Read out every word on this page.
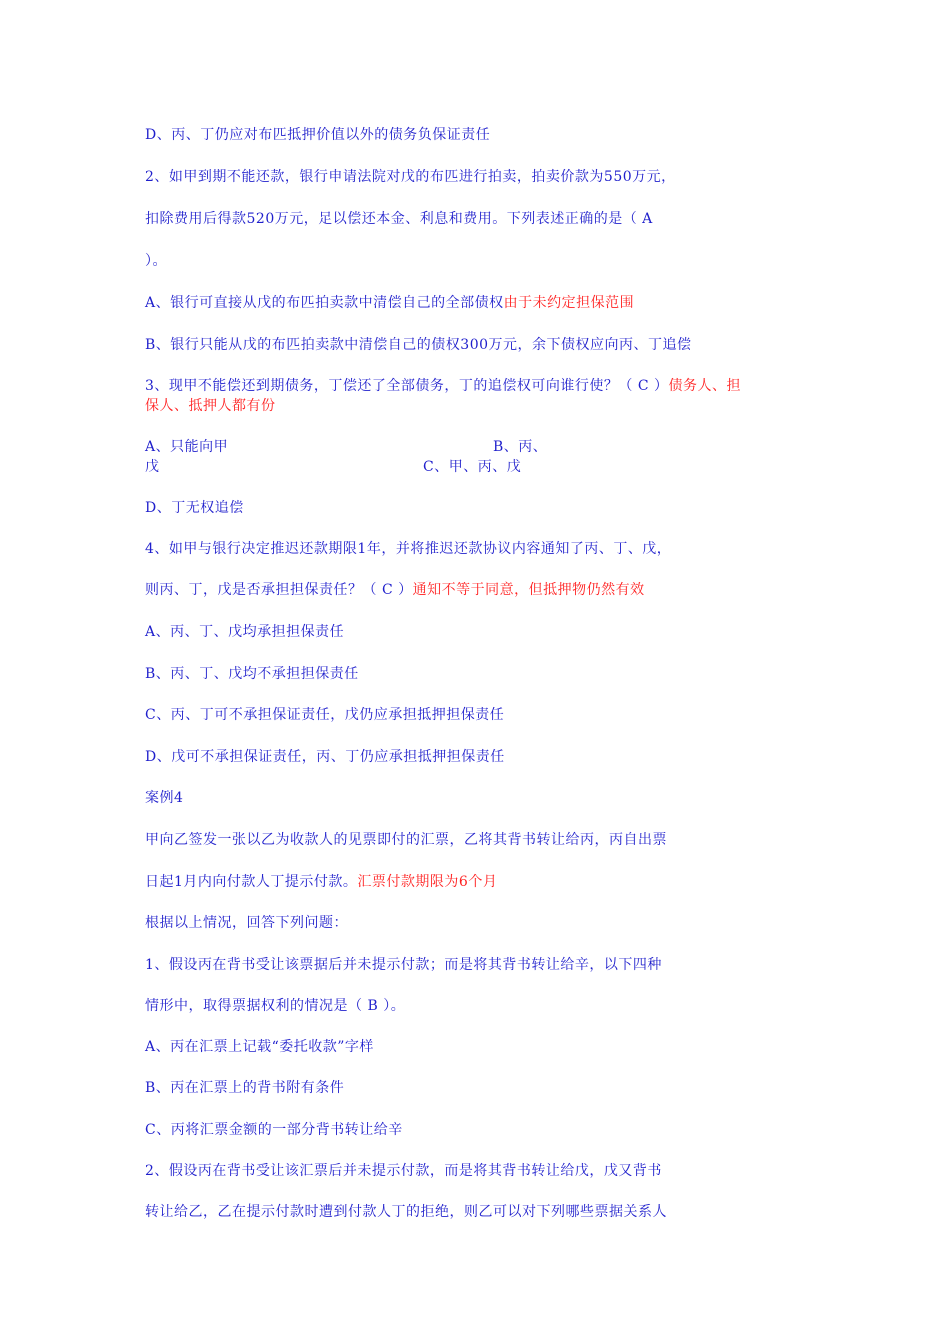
D、丙、丁仍应对布匹抵押价值以外的债务负保证责任
2、如甲到期不能还款，银行申请法院对戊的布匹进行拍卖，拍卖价款为550万元，
扣除费用后得款520万元，足以偿还本金、利息和费用。下列表述正确的是（ A
）。
A、银行可直接从戊的布匹拍卖款中清偿自己的全部债权由于未约定担保范围
B、银行只能从戊的布匹拍卖款中清偿自己的债权300万元，余下债权应向丙、丁追偿
3、现甲不能偿还到期债务，丁偿还了全部债务，丁的追偿权可向谁行使？（ C ）债务人、担
保人、抵押人都有份
A、只能向甲	B、丙、
戊	C、甲、丙、戊
D、丁无权追偿
4、如甲与银行决定推迟还款期限1年，并将推迟还款协议内容通知了丙、丁、戊，
则丙、丁，戊是否承担担保责任？（ C ）通知不等于同意，但抵押物仍然有效
A、丙、丁、戊均承担担保责任
B、丙、丁、戊均不承担担保责任
C、丙、丁可不承担保证责任，戊仍应承担抵押担保责任
D、戊可不承担保证责任，丙、丁仍应承担抵押担保责任
案例4
甲向乙签发一张以乙为收款人的见票即付的汇票，乙将其背书转让给丙，丙自出票
日起1月内向付款人丁提示付款。汇票付款期限为6个月
根据以上情况，回答下列问题：
1、假设丙在背书受让该票据后并未提示付款；而是将其背书转让给辛，以下四种
情形中，取得票据权利的情况是（ B ）。
A、丙在汇票上记载“委托收款”字样
B、丙在汇票上的背书附有条件
C、丙将汇票金额的一部分背书转让给辛
2、假设丙在背书受让该汇票后并未提示付款，而是将其背书转让给戊，戊又背书
转让给乙，乙在提示付款时遭到付款人丁的拒绝，则乙可以对下列哪些票据关系人
